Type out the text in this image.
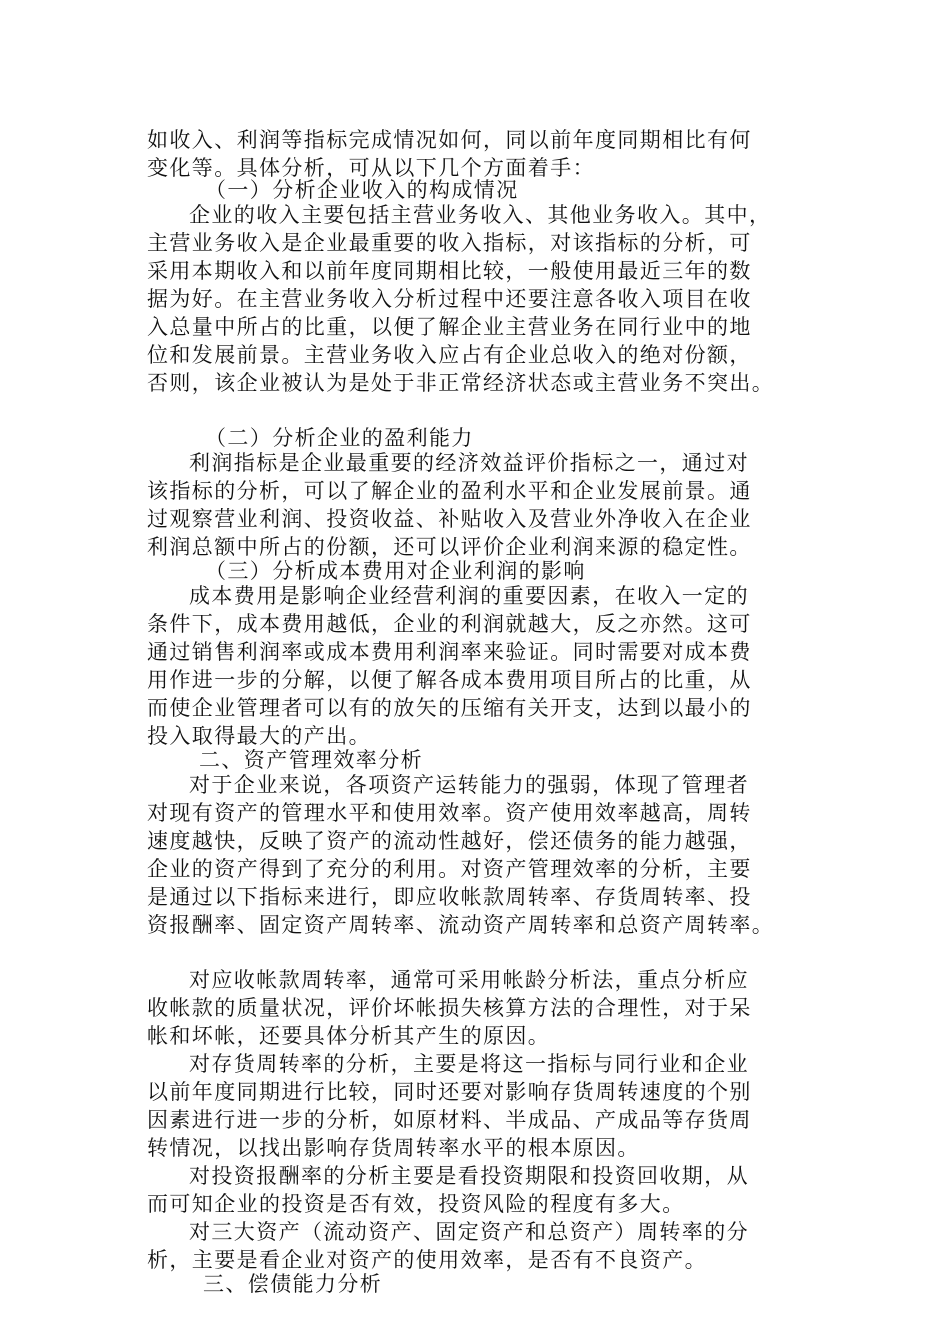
如收入、利润等指标完成情况如何，同以前年度同期相比有何

变化等。具体分析，可从以下几个方面着手：

（一）分析企业收入的构成情况

企业的收入主要包括主营业务收入、其他业务收入。其中，

主营业务收入是企业最重要的收入指标，对该指标的分析，可

采用本期收入和以前年度同期相比较，一般使用最近三年的数

据为好。在主营业务收入分析过程中还要注意各收入项目在收

入总量中所占的比重，以便了解企业主营业务在同行业中的地

位和发展前景。主营业务收入应占有企业总收入的绝对份额，

否则，该企业被认为是处于非正常经济状态或主营业务不突出。

（二）分析企业的盈利能力

利润指标是企业最重要的经济效益评价指标之一，通过对

该指标的分析，可以了解企业的盈利水平和企业发展前景。通

过观察营业利润、投资收益、补贴收入及营业外净收入在企业

利润总额中所占的份额，还可以评价企业利润来源的稳定性。

（三）分析成本费用对企业利润的影响

成本费用是影响企业经营利润的重要因素，在收入一定的

条件下，成本费用越低，企业的利润就越大，反之亦然。这可

通过销售利润率或成本费用利润率来验证。同时需要对成本费

用作进一步的分解，以便了解各成本费用项目所占的比重，从

而使企业管理者可以有的放矢的压缩有关开支，达到以最小的

投入取得最大的产出。

二、资产管理效率分析

对于企业来说，各项资产运转能力的强弱，体现了管理者

对现有资产的管理水平和使用效率。资产使用效率越高，周转

速度越快，反映了资产的流动性越好，偿还债务的能力越强，

企业的资产得到了充分的利用。对资产管理效率的分析，主要

是通过以下指标来进行，即应收帐款周转率、存货周转率、投

资报酬率、固定资产周转率、流动资产周转率和总资产周转率。

对应收帐款周转率，通常可采用帐龄分析法，重点分析应

收帐款的质量状况，评价坏帐损失核算方法的合理性，对于呆

帐和坏帐，还要具体分析其产生的原因。

对存货周转率的分析，主要是将这一指标与同行业和企业

以前年度同期进行比较，同时还要对影响存货周转速度的个别

因素进行进一步的分析，如原材料、半成品、产成品等存货周

转情况，以找出影响存货周转率水平的根本原因。

对投资报酬率的分析主要是看投资期限和投资回收期，从

而可知企业的投资是否有效，投资风险的程度有多大。

对三大资产（流动资产、固定资产和总资产）周转率的分

析，主要是看企业对资产的使用效率，是否有不良资产。

三、偿债能力分析
